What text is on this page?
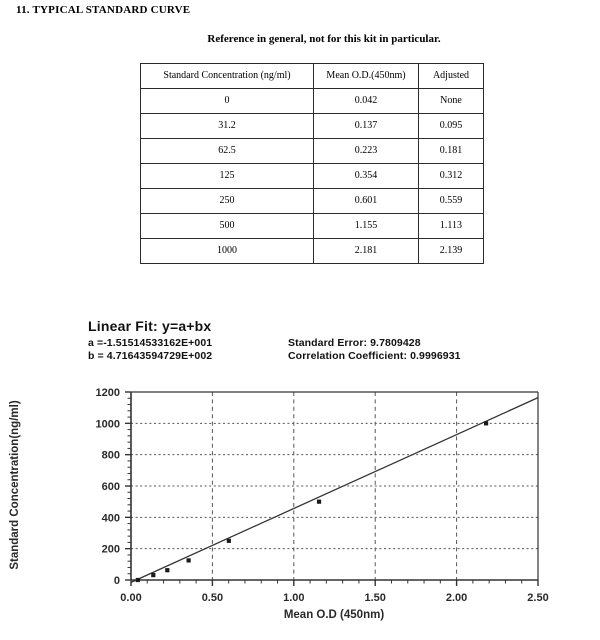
11. TYPICAL STANDARD CURVE
Reference in general, not for this kit in particular.
Standard Concentration (ng/ml)	Mean O.D.(450nm)	Adjusted
0	0.042	None
31.2	0.137	0.095
62.5	0.223	0.181
125	0.354	0.312
250	0.601	0.559
500	1.155	1.113
1000	2.181	2.139
Linear Fit: y=a+bx
a =-1.51514533162E+001	Standard Error: 9.7809428
b = 4.71643594729E+002	Correlation Coefficient: 0.9996931
0
200
400
600
800
1000
1200
0.00	0.50	1.00	1.50	2.00	2.50
Mean O.D (450nm)
Standard Concentration(ng/ml)
